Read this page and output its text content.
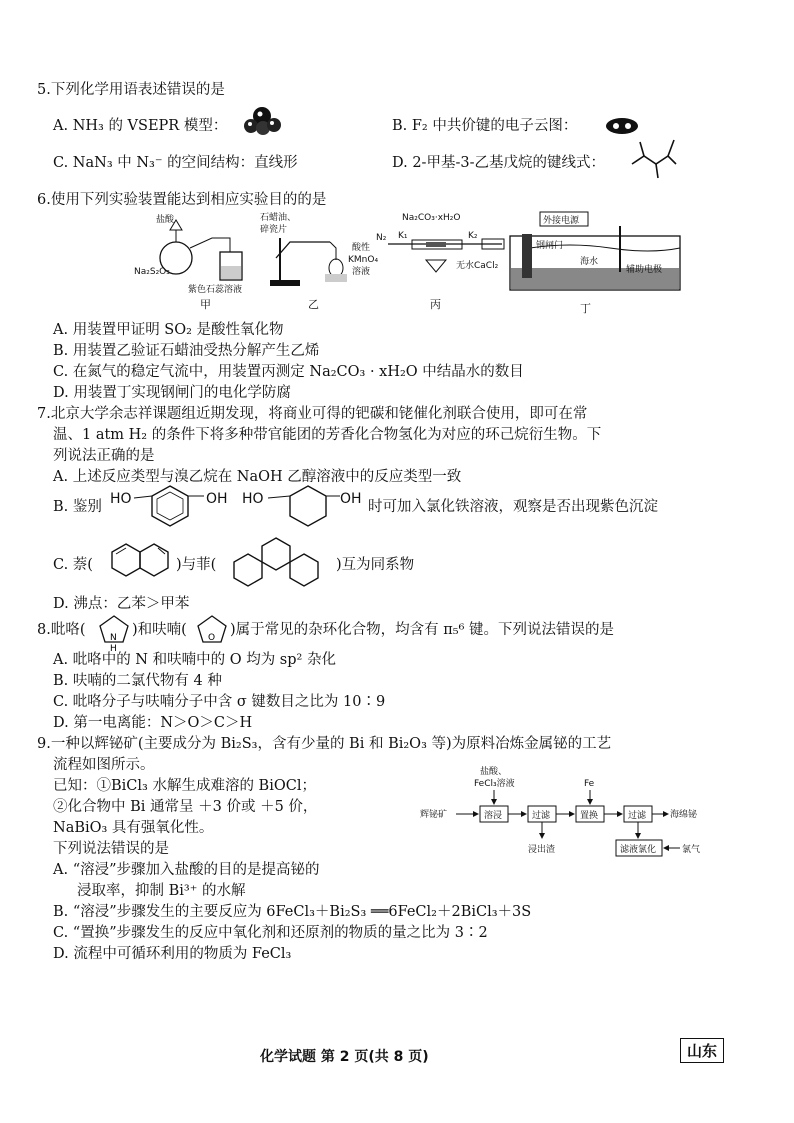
5.下列化学用语表述错误的是
A. NH₃ 的 VSEPR 模型：	B. F₂ 中共价键的电子云图：
C. NaN₃ 中 N₃⁻ 的空间结构：直线形	D. 2-甲基-3-乙基戊烷的键线式：
6.使用下列实验装置能达到相应实验目的的是
盐酸
Na₂S₂O₃
紫色石蕊溶液
甲
石蜡油、
碎瓷片
酸性
KMnO₄
溶液
乙
Na₂CO₃·xH₂O
N₂ K₁	K₂
无水CaCl₂
丙
外接电源
钢闸门
海水
辅助电极
丁
A. 用装置甲证明 SO₂ 是酸性氧化物
B. 用装置乙验证石蜡油受热分解产生乙烯
C. 在氮气的稳定气流中，用装置丙测定 Na₂CO₃ · xH₂O 中结晶水的数目
D. 用装置丁实现钢闸门的电化学防腐
7.北京大学余志祥课题组近期发现，将商业可得的钯碳和铑催化剂联合使用，即可在常
温、1 atm H₂ 的条件下将多种带官能团的芳香化合物氢化为对应的环己烷衍生物。下
列说法正确的是
A. 上述反应类型与溴乙烷在 NaOH 乙醇溶液中的反应类型一致
B. 鉴别 HO	OH HO	OH 时可加入氯化铁溶液，观察是否出现紫色沉淀
C. 萘(	)与菲(	)互为同系物
D. 沸点：乙苯＞甲苯
8.吡咯(	N
H
)和呋喃( O )属于常见的杂环化合物，均含有 π₅⁶ 键。下列说法错误的是
A. 吡咯中的 N 和呋喃中的 O 均为 sp² 杂化
B. 呋喃的二氯代物有 4 种
C. 吡咯分子与呋喃分子中含 σ 键数目之比为 10∶9
D. 第一电离能：N＞O＞C＞H
9.一种以辉铋矿(主要成分为 Bi₂S₃，含有少量的 Bi 和 Bi₂O₃ 等)为原料冶炼金属铋的工艺
流程如图所示。
已知：①BiCl₃ 水解生成难溶的 BiOCl；
②化合物中 Bi 通常呈 ＋3 价或 ＋5 价，
NaBiO₃ 具有强氧化性。
下列说法错误的是
A. “溶浸”步骤加入盐酸的目的是提高铋的
浸取率，抑制 Bi³⁺ 的水解
B. “溶浸”步骤发生的主要反应为 6FeCl₃＋Bi₂S₃ ══6FeCl₂＋2BiCl₃＋3S
C. “置换”步骤发生的反应中氧化剂和还原剂的物质的量之比为 3∶2
D. 流程中可循环利用的物质为 FeCl₃
盐酸、
FeCl₃溶液
辉铋矿	溶浸	过滤
浸出渣
Fe
置换	过滤	海绵铋
滤液氯化	氯气
化学试题 第 2 页(共 8 页)	山东
